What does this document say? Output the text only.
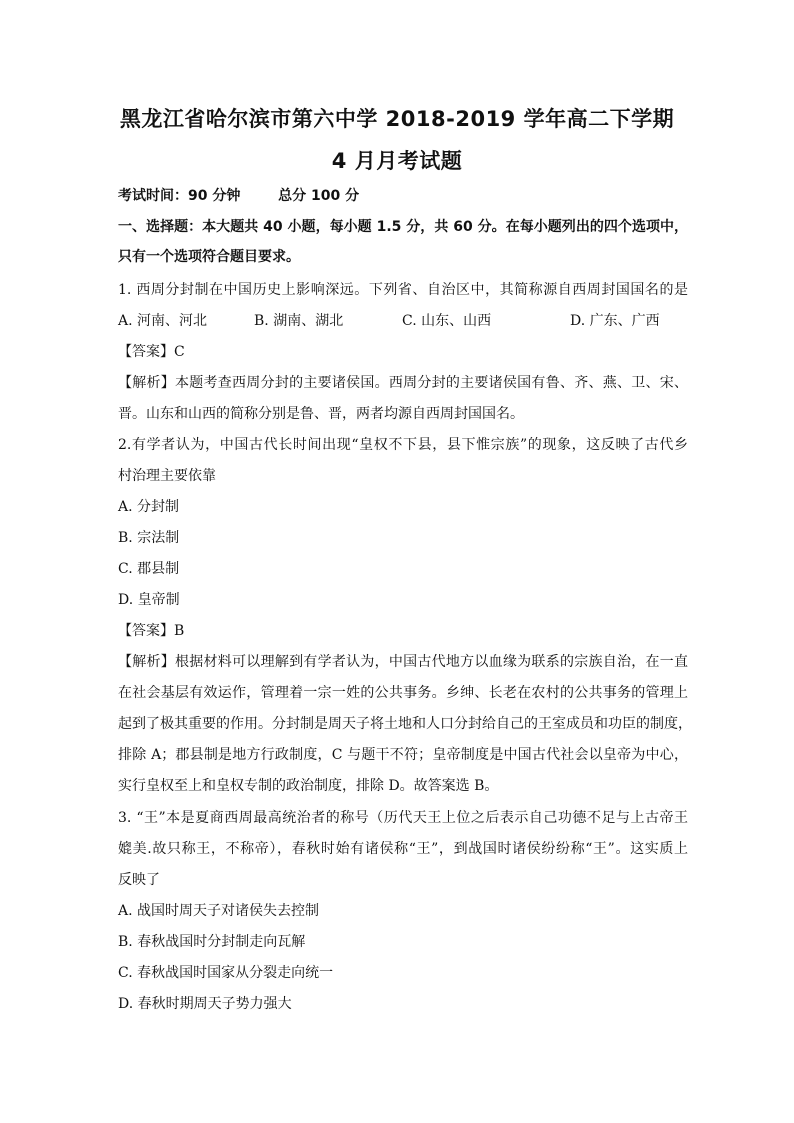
黑龙江省哈尔滨市第六中学 2018-2019 学年高二下学期
4 月月考试题
考试时间：90 分钟	总分 100 分
一、选择题：本大题共 40 小题，每小题 1.5 分，共 60 分。在每小题列出的四个选项中，
只有一个选项符合题目要求。
1. 西周分封制在中国历史上影响深远。下列省、自治区中，其简称源自西周封国国名的是
A. 河南、河北	B. 湖南、湖北	C. 山东、山西	D. 广东、广西
【答案】C
【解析】本题考查西周分封的主要诸侯国。西周分封的主要诸侯国有鲁、齐、燕、卫、宋、
晋。山东和山西的简称分别是鲁、晋，两者均源自西周封国国名。
2.有学者认为，中国古代长时间出现“皇权不下县，县下惟宗族”的现象，这反映了古代乡
村治理主要依靠
A. 分封制
B. 宗法制
C. 郡县制
D. 皇帝制
【答案】B
【解析】根据材料可以理解到有学者认为，中国古代地方以血缘为联系的宗族自治，在一直
在社会基层有效运作，管理着一宗一姓的公共事务。乡绅、长老在农村的公共事务的管理上
起到了极其重要的作用。分封制是周天子将土地和人口分封给自己的王室成员和功臣的制度，
排除 A；郡县制是地方行政制度，C 与题干不符；皇帝制度是中国古代社会以皇帝为中心，
实行皇权至上和皇权专制的政治制度，排除 D。故答案选 B。
3. “王”本是夏商西周最高统治者的称号（历代天王上位之后表示自己功德不足与上古帝王
媲美.故只称王，不称帝），春秋时始有诸侯称“王”，到战国时诸侯纷纷称“王”。这实质上
反映了
A. 战国时周天子对诸侯失去控制
B. 春秋战国时分封制走向瓦解
C. 春秋战国时国家从分裂走向统一
D. 春秋时期周天子势力强大
